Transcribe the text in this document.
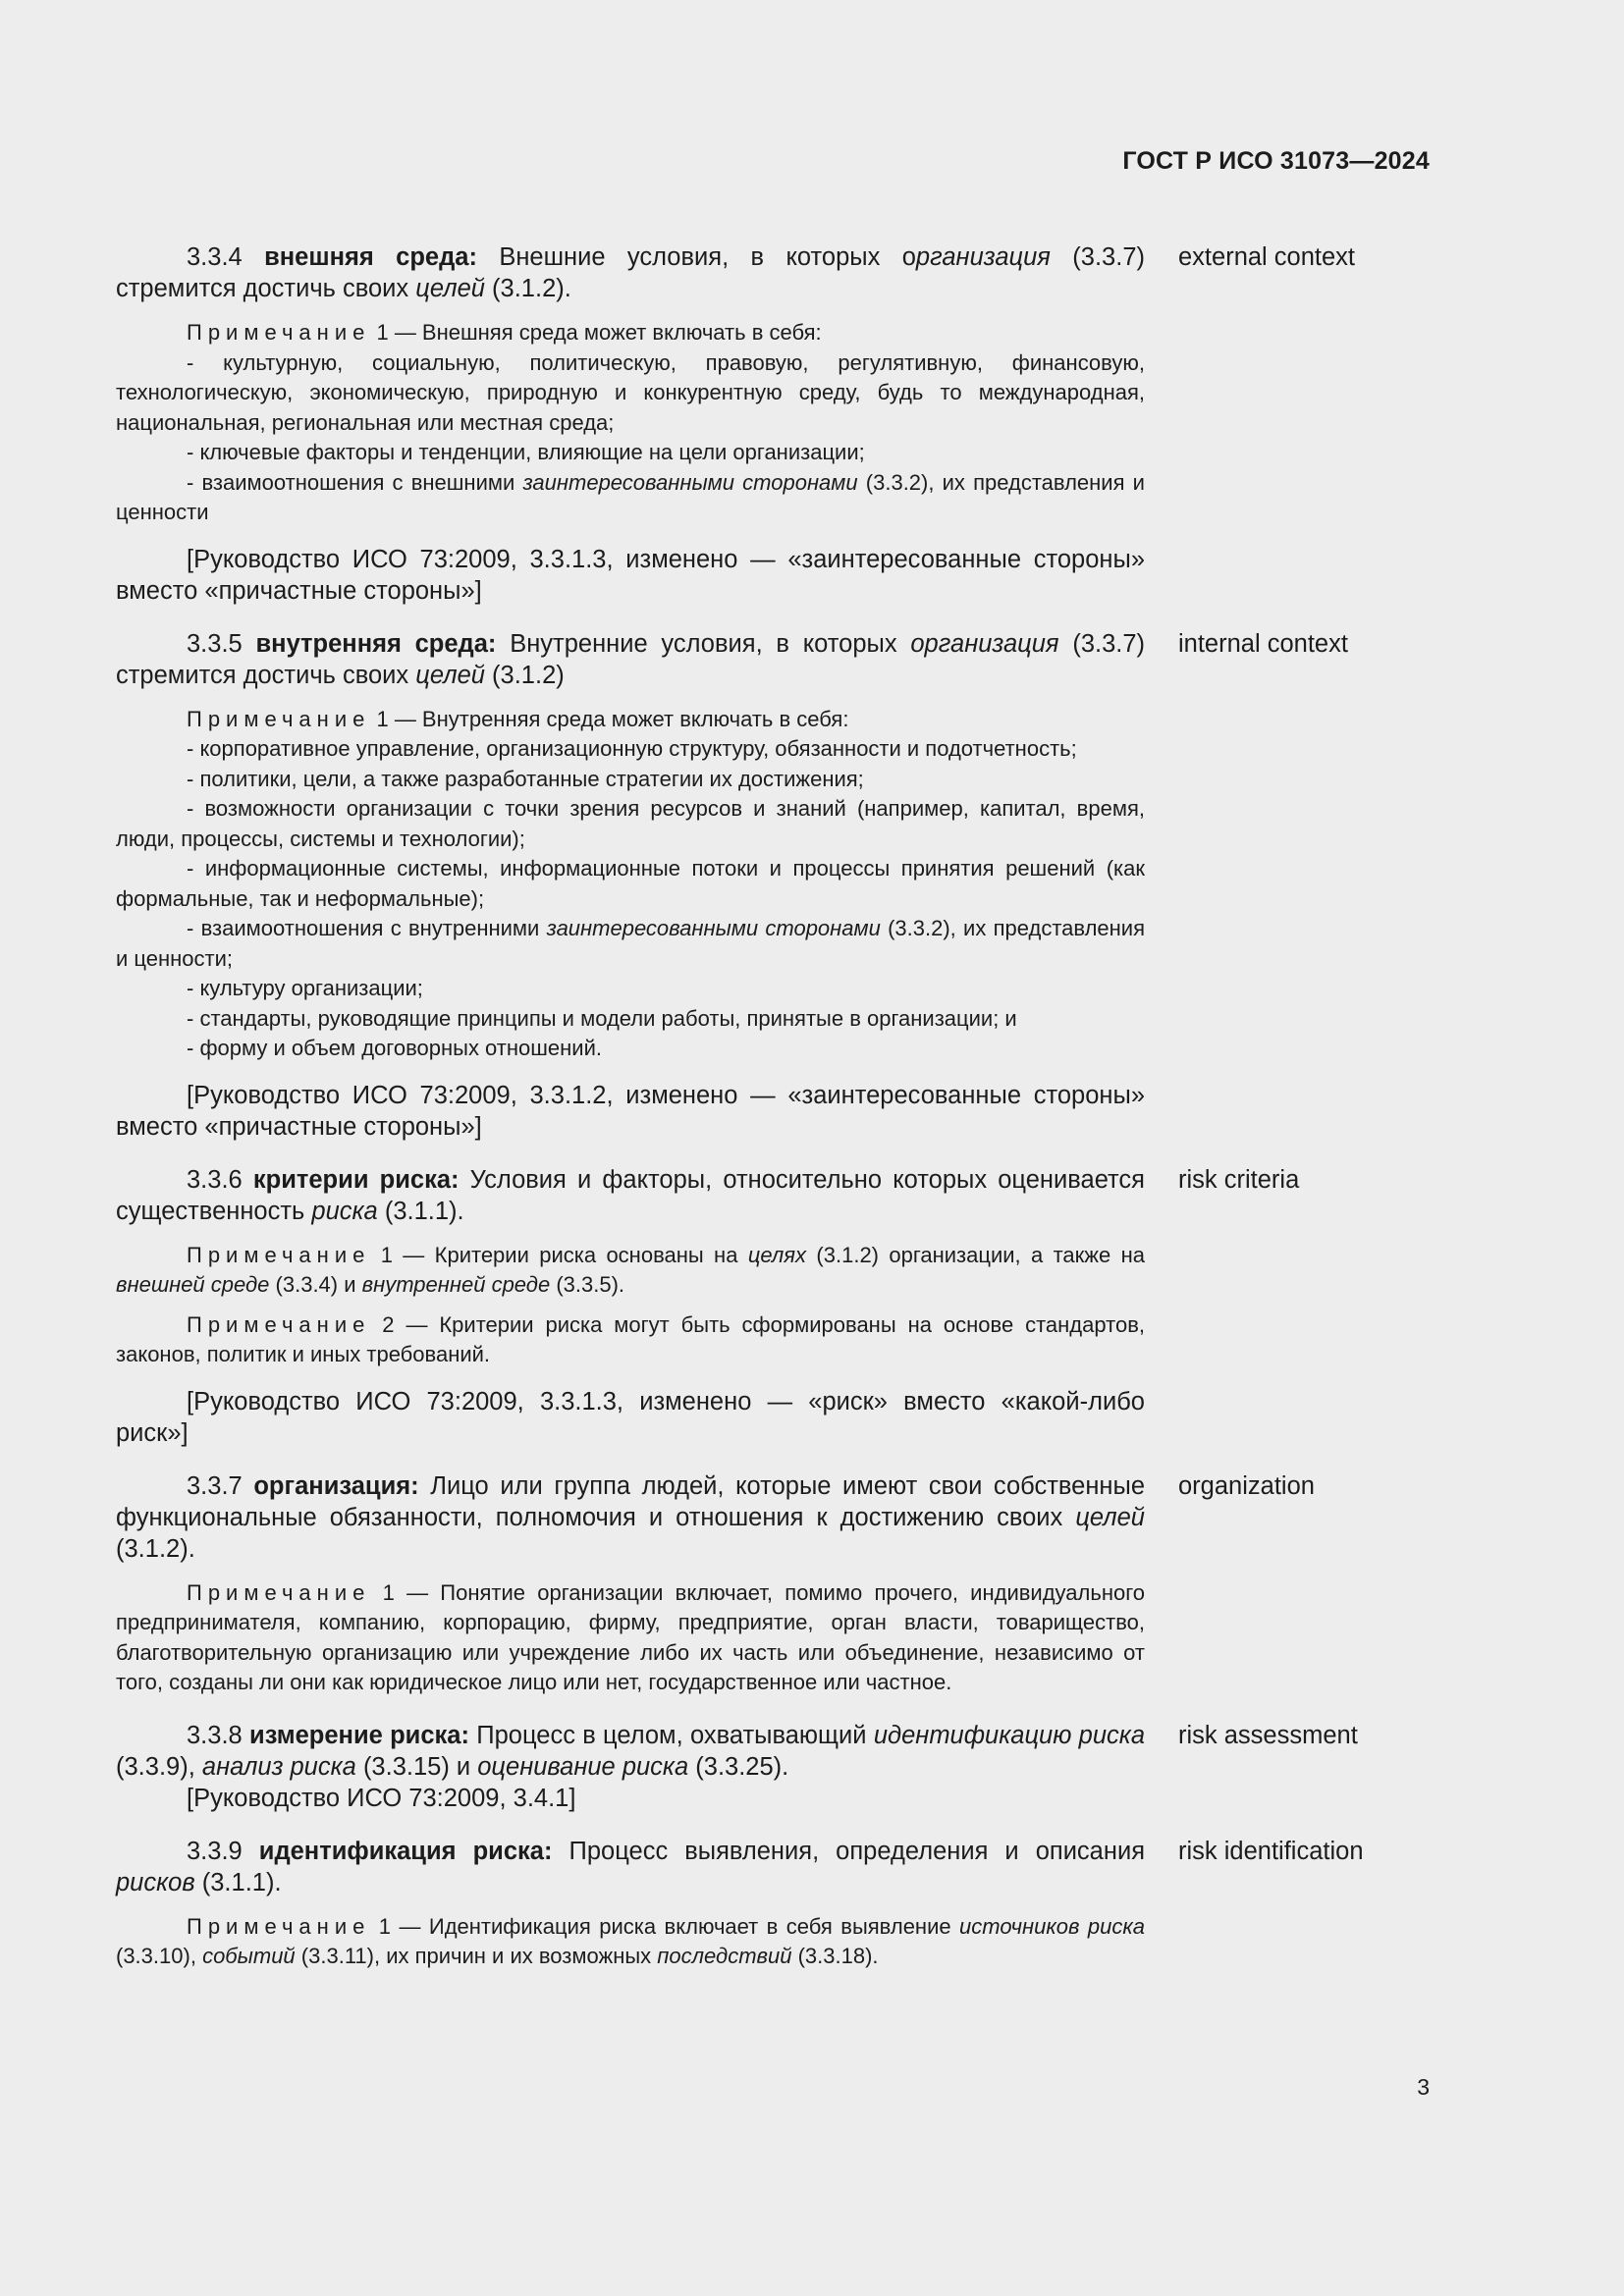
ГОСТ Р ИСО 31073—2024

3.3.4 внешняя среда: Внешние условия, в которых организация (3.3.7) стремится достичь своих целей (3.1.2).

external context

Примечание 1 — Внешняя среда может включать в себя:

- культурную, социальную, политическую, правовую, регулятивную, финансовую, технологическую, экономическую, природную и конкурентную среду, будь то международная, национальная, региональная или местная среда;

- ключевые факторы и тенденции, влияющие на цели организации;

- взаимоотношения с внешними заинтересованными сторонами (3.3.2), их представления и ценности

[Руководство ИСО 73:2009, 3.3.1.3, изменено — «заинтересованные стороны» вместо «причастные стороны»]

3.3.5 внутренняя среда: Внутренние условия, в которых организация (3.3.7) стремится достичь своих целей (3.1.2)

internal context

Примечание 1 — Внутренняя среда может включать в себя:

- корпоративное управление, организационную структуру, обязанности и подотчетность;

- политики, цели, а также разработанные стратегии их достижения;

- возможности организации с точки зрения ресурсов и знаний (например, капитал, время, люди, процессы, системы и технологии);

- информационные системы, информационные потоки и процессы принятия решений (как формальные, так и неформальные);

- взаимоотношения с внутренними заинтересованными сторонами (3.3.2), их представления и ценности;

- культуру организации;

- стандарты, руководящие принципы и модели работы, принятые в организации; и

- форму и объем договорных отношений.

[Руководство ИСО 73:2009, 3.3.1.2, изменено — «заинтересованные стороны» вместо «причастные стороны»]

3.3.6 критерии риска: Условия и факторы, относительно которых оценивается существенность риска (3.1.1).

risk criteria

Примечание 1 — Критерии риска основаны на целях (3.1.2) организации, а также на внешней среде (3.3.4) и внутренней среде (3.3.5).

Примечание 2 — Критерии риска могут быть сформированы на основе стандартов, законов, политик и иных требований.

[Руководство ИСО 73:2009, 3.3.1.3, изменено — «риск» вместо «какой-либо риск»]

3.3.7 организация: Лицо или группа людей, которые имеют свои собственные функциональные обязанности, полномочия и отношения к достижению своих целей (3.1.2).

organization

Примечание 1 — Понятие организации включает, помимо прочего, индивидуального предпринимателя, компанию, корпорацию, фирму, предприятие, орган власти, товарищество, благотворительную организацию или учреждение либо их часть или объединение, независимо от того, созданы ли они как юридическое лицо или нет, государственное или частное.

3.3.8 измерение риска: Процесс в целом, охватывающий идентификацию риска (3.3.9), анализ риска (3.3.15) и оценивание риска (3.3.25).

risk assessment

[Руководство ИСО 73:2009, 3.4.1]

3.3.9 идентификация риска: Процесс выявления, определения и описания рисков (3.1.1).

risk identification

Примечание 1 — Идентификация риска включает в себя выявление источников риска (3.3.10), событий (3.3.11), их причин и их возможных последствий (3.3.18).

3
